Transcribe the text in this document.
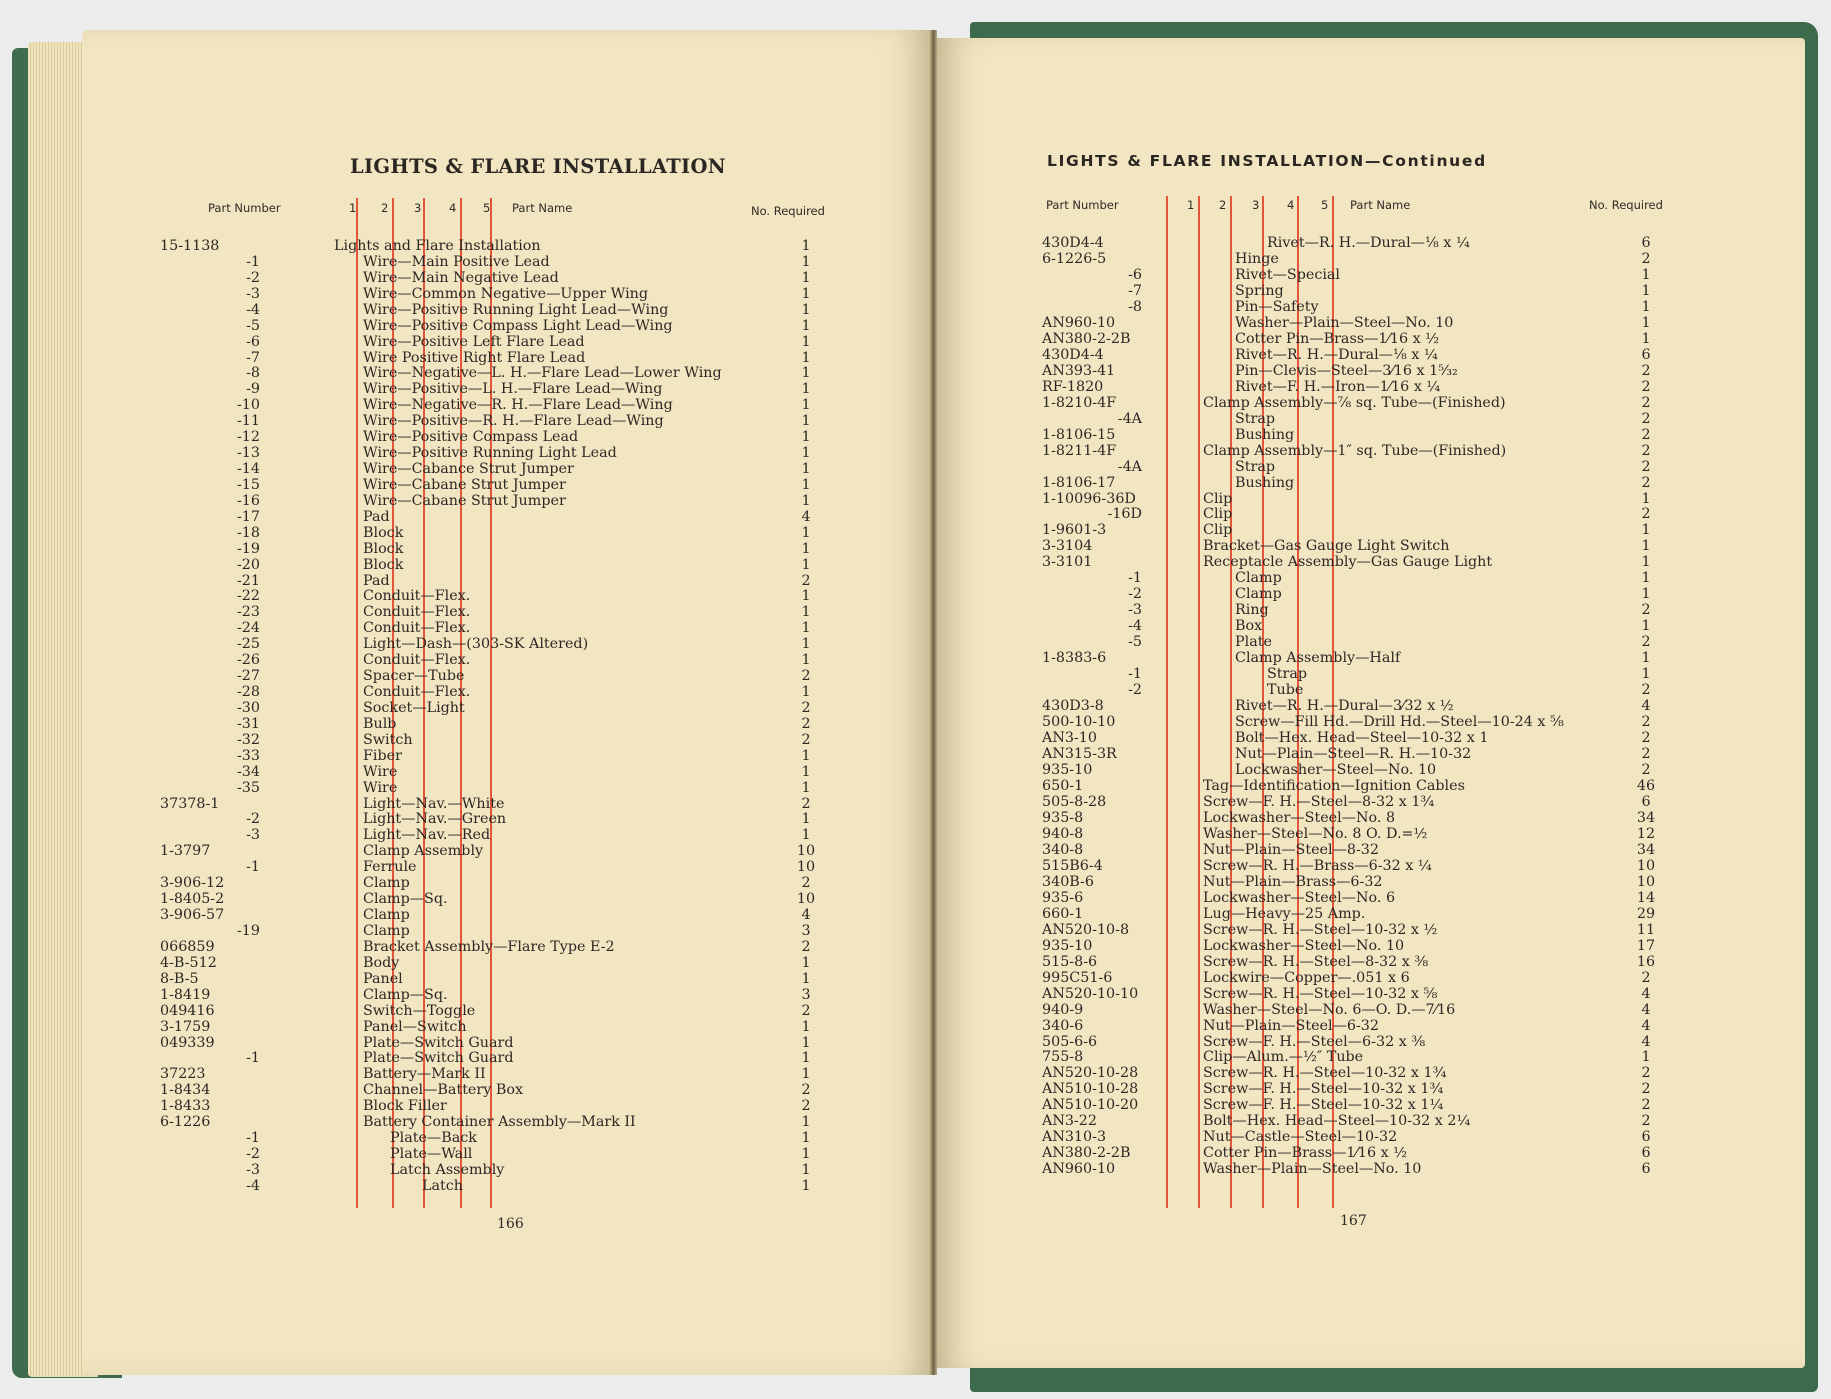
LIGHTS & FLARE INSTALLATION
Part Number	1 2 3 4 5 Part Name	No. Required
15-1138	Lights and Flare Installation	1
-1	Wire—Main Positive Lead	1
-2	Wire—Main Negative Lead	1
-3	Wire—Common Negative—Upper Wing	1
-4	Wire—Positive Running Light Lead—Wing	1
-5	Wire—Positive Compass Light Lead—Wing	1
-6	Wire—Positive Left Flare Lead	1
-7	Wire Positive Right Flare Lead	1
-8	Wire—Negative—L. H.—Flare Lead—Lower Wing	1
-9	Wire—Positive—L. H.—Flare Lead—Wing	1
-10	Wire—Negative—R. H.—Flare Lead—Wing	1
-11	Wire—Positive—R. H.—Flare Lead—Wing	1
-12	Wire—Positive Compass Lead	1
-13	Wire—Positive Running Light Lead	1
-14	Wire—Cabance Strut Jumper	1
-15	Wire—Cabane Strut Jumper	1
-16	Wire—Cabane Strut Jumper	1
-17	Pad	4
-18	Block	1
-19	Block	1
-20	Block	1
-21	Pad	2
-22	Conduit—Flex.	1
-23	Conduit—Flex.	1
-24	Conduit—Flex.	1
-25	Light—Dash—(303-SK Altered)	1
-26	Conduit—Flex.	1
-27	Spacer—Tube	2
-28	Conduit—Flex.	1
-30	Socket—Light	2
-31	Bulb	2
-32	Switch	2
-33	Fiber	1
-34	Wire	1
-35	Wire	1
37378-1	Light—Nav.—White	2
-2	Light—Nav.—Green	1
-3	Light—Nav.—Red	1
1-3797	Clamp Assembly	10
-1	Ferrule	10
3-906-12	Clamp	2
1-8405-2	Clamp—Sq.	10
3-906-57	Clamp	4
-19	Clamp	3
066859	Bracket Assembly—Flare Type E-2	2
4-B-512	Body	1
8-B-5	Panel	1
1-8419	Clamp—Sq.	3
049416	Switch—Toggle	2
3-1759	Panel—Switch	1
049339	Plate—Switch Guard	1
-1	Plate—Switch Guard	1
37223	Battery—Mark II	1
1-8434	Channel—Battery Box	2
1-8433	Block Filler	2
6-1226	Battery Container Assembly—Mark II	1
-1	Plate—Back	1
-2	Plate—Wall	1
-3	Latch Assembly	1
-4	Latch	1
166
LIGHTS & FLARE INSTALLATION—Continued
Part Number	1 2 3 4 5 Part Name	No. Required
430D4-4	Rivet—R. H.—Dural—⅛ x ¼	6
6-1226-5	Hinge	2
-6	Rivet—Special	1
-7	Spring	1
-8	Pin—Safety	1
AN960-10	Washer—Plain—Steel—No. 10	1
AN380-2-2B	Cotter Pin—Brass—1⁄16 x ½	1
430D4-4	Rivet—R. H.—Dural—⅛ x ¼	6
AN393-41	Pin—Clevis—Steel—3⁄16 x 1⁵⁄₃₂	2
RF-1820	Rivet—F. H.—Iron—1⁄16 x ¼	2
1-8210-4F	Clamp Assembly—⅞ sq. Tube—(Finished)	2
-4A	Strap	2
1-8106-15	Bushing	2
1-8211-4F	Clamp Assembly—1″ sq. Tube—(Finished)	2
-4A	Strap	2
1-8106-17	Bushing	2
1-10096-36D	Clip	1
-16D	Clip	2
1-9601-3	Clip	1
3-3104	Bracket—Gas Gauge Light Switch	1
3-3101	Receptacle Assembly—Gas Gauge Light	1
-1	Clamp	1
-2	Clamp	1
-3	Ring	2
-4	Box	1
-5	Plate	2
1-8383-6	Clamp Assembly—Half	1
-1	Strap	1
-2	Tube	2
430D3-8	Rivet—R. H.—Dural—3⁄32 x ½	4
500-10-10	Screw—Fill Hd.—Drill Hd.—Steel—10-24 x ⅝	2
AN3-10	Bolt—Hex. Head—Steel—10-32 x 1	2
AN315-3R	Nut—Plain—Steel—R. H.—10-32	2
935-10	Lockwasher—Steel—No. 10	2
650-1	Tag—Identification—Ignition Cables	46
505-8-28	Screw—F. H.—Steel—8-32 x 1¾	6
935-8	Lockwasher—Steel—No. 8	34
940-8	Washer—Steel—No. 8 O. D.=½	12
340-8	Nut—Plain—Steel—8-32	34
515B6-4	Screw—R. H.—Brass—6-32 x ¼	10
340B-6	Nut—Plain—Brass—6-32	10
935-6	Lockwasher—Steel—No. 6	14
660-1	Lug—Heavy—25 Amp.	29
AN520-10-8	Screw—R. H.—Steel—10-32 x ½	11
935-10	Lockwasher—Steel—No. 10	17
515-8-6	Screw—R. H.—Steel—8-32 x ⅜	16
995C51-6	Lockwire—Copper—.051 x 6	2
AN520-10-10	Screw—R. H.—Steel—10-32 x ⅝	4
940-9	Washer—Steel—No. 6—O. D.—7⁄16	4
340-6	Nut—Plain—Steel—6-32	4
505-6-6	Screw—F. H.—Steel—6-32 x ⅜	4
755-8	Clip—Alum.—½″ Tube	1
AN520-10-28	Screw—R. H.—Steel—10-32 x 1¾	2
AN510-10-28	Screw—F. H.—Steel—10-32 x 1¾	2
AN510-10-20	Screw—F. H.—Steel—10-32 x 1¼	2
AN3-22	Bolt—Hex. Head—Steel—10-32 x 2¼	2
AN310-3	Nut—Castle—Steel—10-32	6
AN380-2-2B	Cotter Pin—Brass—1⁄16 x ½	6
AN960-10	Washer—Plain—Steel—No. 10	6
167
